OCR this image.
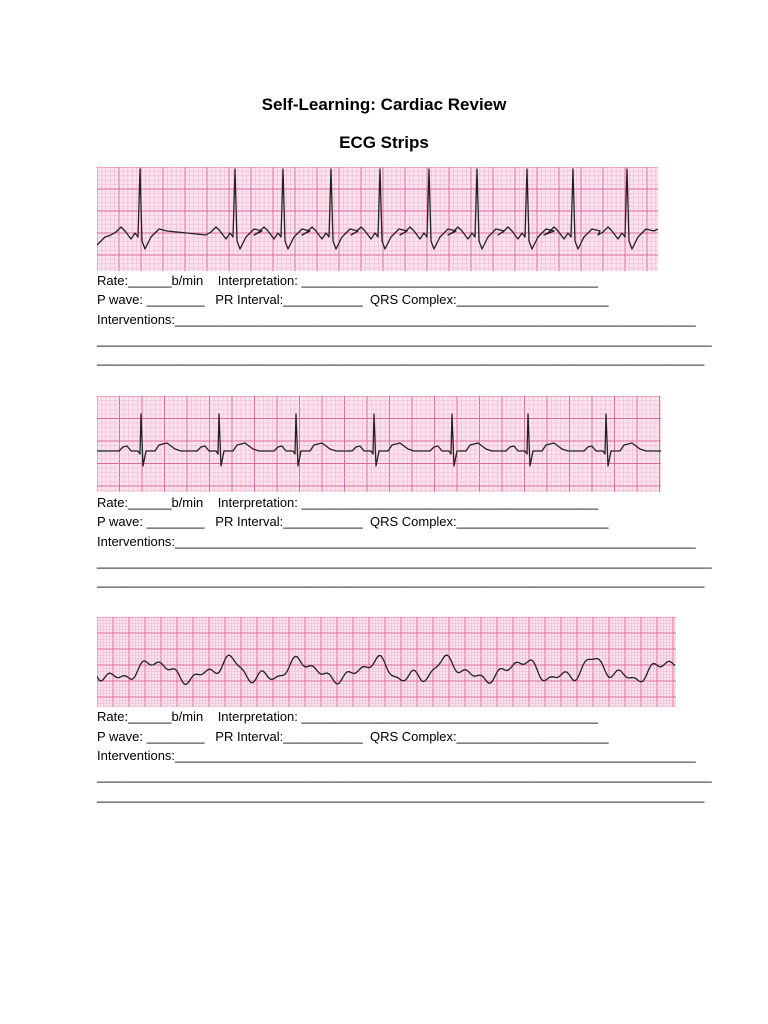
Self-Learning: Cardiac Review
ECG Strips
Rate:______b/min    Interpretation: _________________________________________
P wave: ________   PR Interval:___________  QRS Complex:_____________________
Interventions:________________________________________________________________________
_____________________________________________________________________________________
____________________________________________________________________________________
Rate:______b/min    Interpretation: _________________________________________
P wave: ________   PR Interval:___________  QRS Complex:_____________________
Interventions:________________________________________________________________________
_____________________________________________________________________________________
____________________________________________________________________________________
Rate:______b/min    Interpretation: _________________________________________
P wave: ________   PR Interval:___________  QRS Complex:_____________________
Interventions:________________________________________________________________________
_____________________________________________________________________________________
____________________________________________________________________________________
